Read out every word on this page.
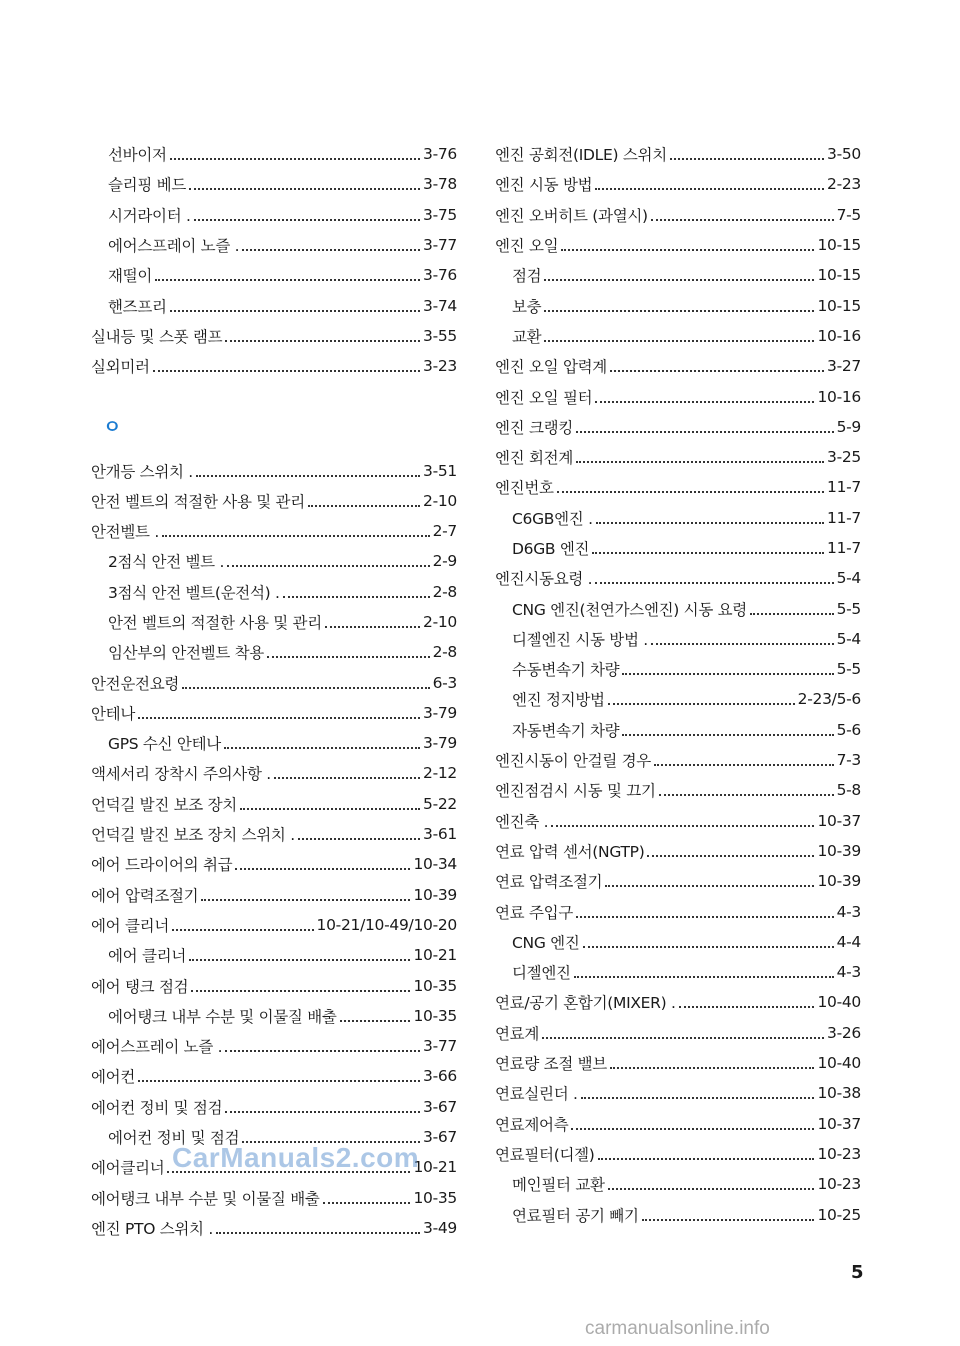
선바이저	3-76
슬리핑 베드	3-78
시거라이터 .	3-75
에어스프레이 노즐 .	3-77
재떨이	3-76
핸즈프리	3-74
실내등 및 스폿 램프	3-55
실외미러	3-23
ㅇ
안개등 스위치 .	3-51
안전 벨트의 적절한 사용 및 관리	2-10
안전벨트 .	2-7
2점식 안전 벨트 .	2-9
3점식 안전 벨트(운전석) .	2-8
안전 벨트의 적절한 사용 및 관리	2-10
임산부의 안전벨트 착용	2-8
안전운전요령	6-3
안테나	3-79
GPS 수신 안테나	3-79
액세서리 장착시 주의사항 .	2-12
언덕길 발진 보조 장치	5-22
언덕길 발진 보조 장치 스위치 .	3-61
에어 드라이어의 취급	10-34
에어 압력조절기	10-39
에어 클리너	10-21/10-49/10-20
에어 클리너	10-21
에어 탱크 점검	10-35
에어탱크 내부 수분 및 이물질 배출	10-35
에어스프레이 노즐 .	3-77
에어컨	3-66
에어컨 정비 및 점검	3-67
에어컨 정비 및 점검	3-67
에어클리너	10-21
에어탱크 내부 수분 및 이물질 배출	10-35
엔진 PTO 스위치 .	3-49
엔진 공회전(IDLE) 스위치	3-50
엔진 시동 방법	2-23
엔진 오버히트 (과열시)	7-5
엔진 오일	10-15
점검	10-15
보충	10-15
교환	10-16
엔진 오일 압력계	3-27
엔진 오일 필터	10-16
엔진 크랭킹	5-9
엔진 회전계	3-25
엔진번호	11-7
C6GB엔진 .	11-7
D6GB 엔진	11-7
엔진시동요령 .	5-4
CNG 엔진(천연가스엔진) 시동 요령	5-5
디젤엔진 시동 방법 .	5-4
수동변속기 차량	5-5
엔진 정지방법	2-23/5-6
자동변속기 차량	5-6
엔진시동이 안걸릴 경우	7-3
엔진점검시 시동 및 끄기	5-8
엔진축 .	10-37
연료 압력 센서(NGTP)	10-39
연료 압력조절기	10-39
연료 주입구	4-3
CNG 엔진	4-4
디젤엔진	4-3
연료/공기 혼합기(MIXER) .	10-40
연료계	3-26
연료량 조절 밸브	10-40
연료실린더 .	10-38
연료제어측	10-37
연료필터(디젤)	10-23
메인필터 교환	10-23
연료필터 공기 빼기	10-25
5
CarManuals2.com
carmanualsonline.info
